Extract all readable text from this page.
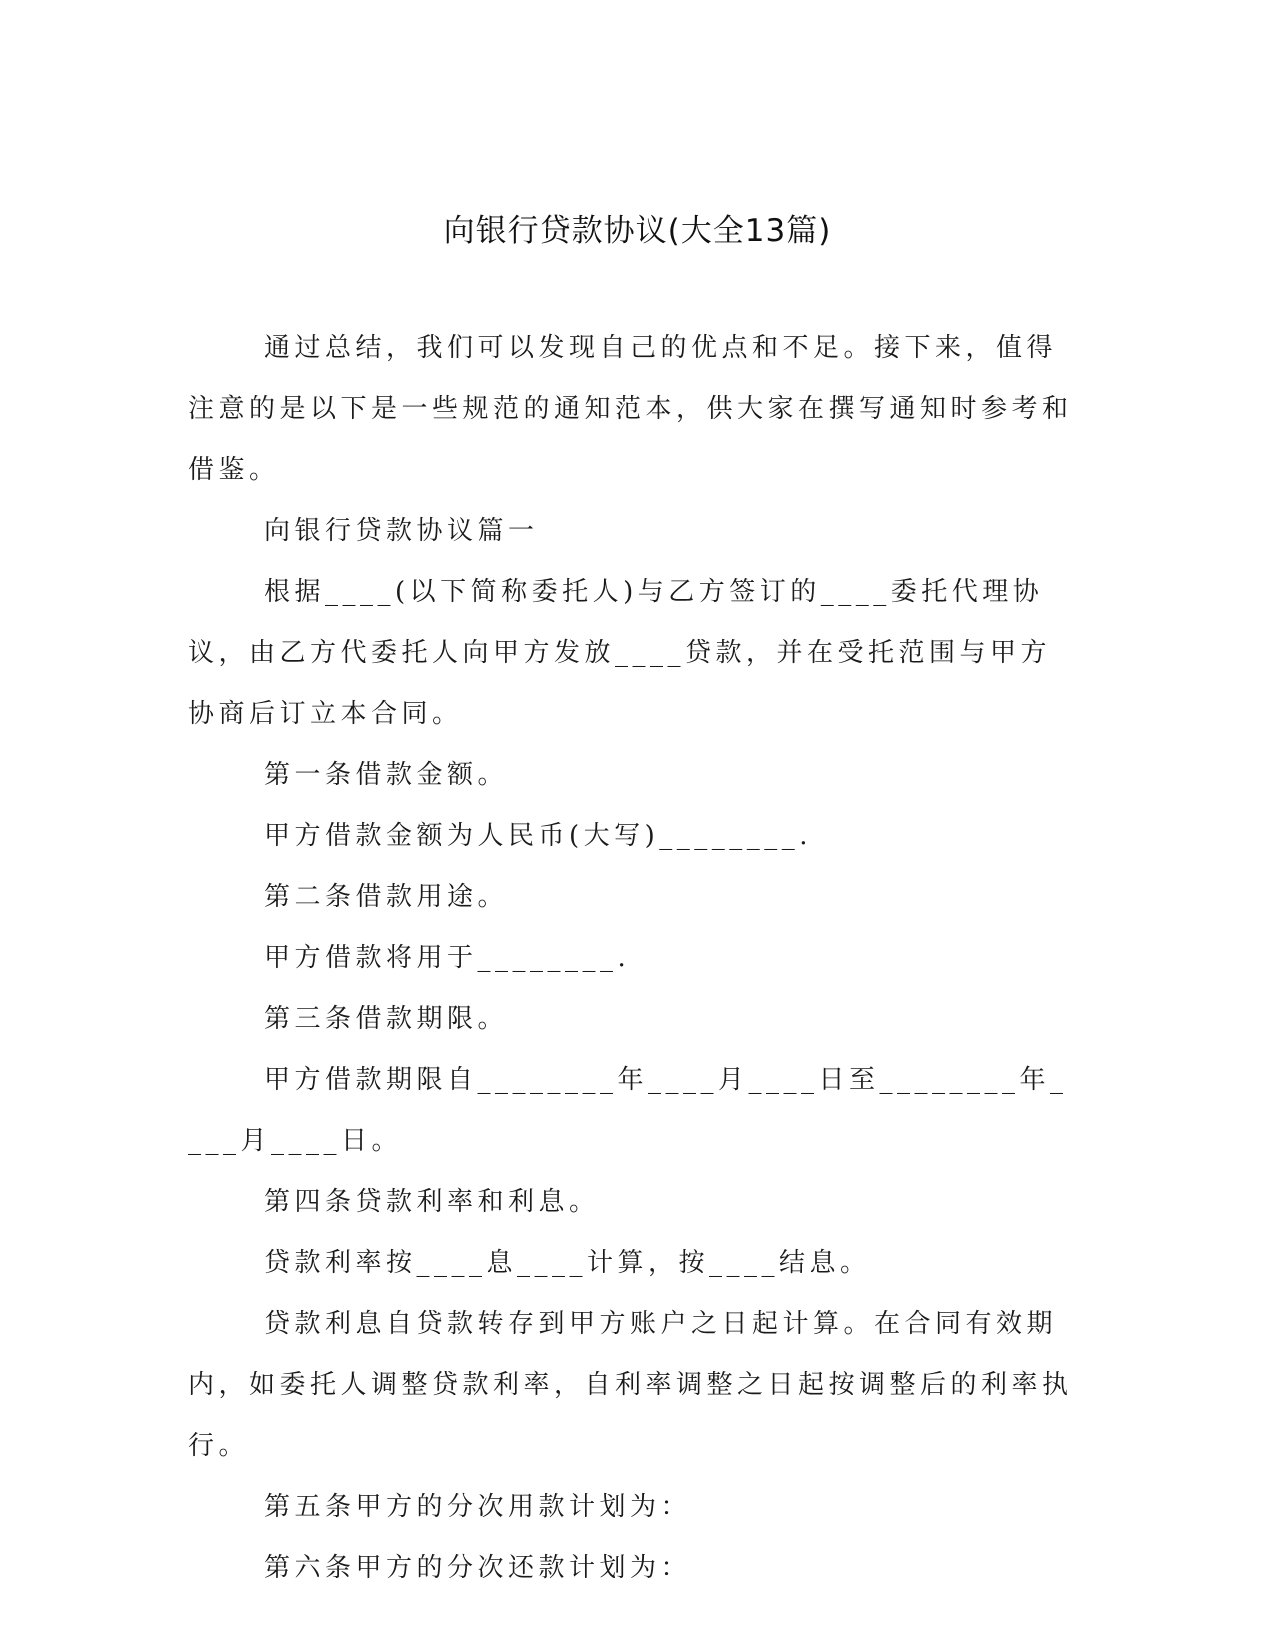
向银行贷款协议(大全13篇)

通过总结，我们可以发现自己的优点和不足。接下来，值得注意的是以下是一些规范的通知范本，供大家在撰写通知时参考和借鉴。

向银行贷款协议篇一

根据____(以下简称委托人)与乙方签订的____委托代理协议，由乙方代委托人向甲方发放____贷款，并在受托范围与甲方协商后订立本合同。

第一条借款金额。

甲方借款金额为人民币(大写)________.

第二条借款用途。

甲方借款将用于________.

第三条借款期限。

甲方借款期限自________年____月____日至________年____月____日。

第四条贷款利率和利息。

贷款利率按____息____计算，按____结息。

贷款利息自贷款转存到甲方账户之日起计算。在合同有效期内，如委托人调整贷款利率，自利率调整之日起按调整后的利率执行。

第五条甲方的分次用款计划为：

第六条甲方的分次还款计划为：
